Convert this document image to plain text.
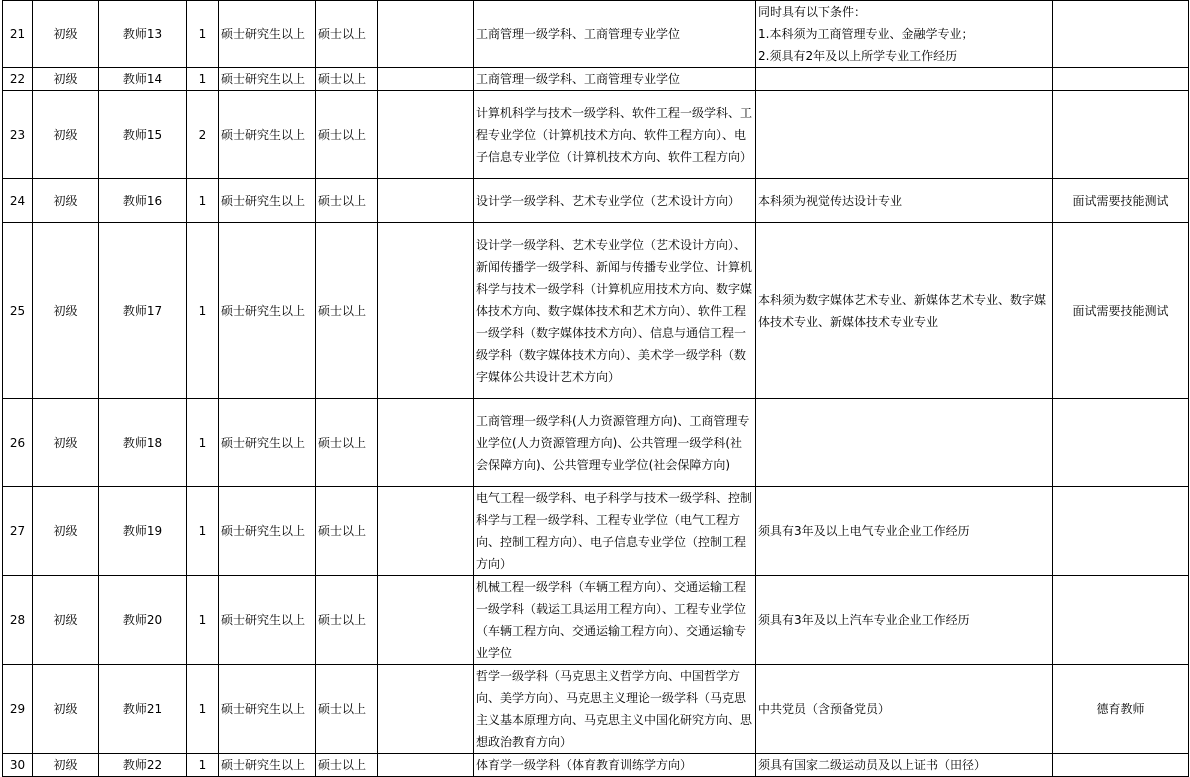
21	初级	教师13	1	硕士研究生以上	硕士以上		工商管理一级学科、工商管理专业学位	同时具有以下条件：
1.本科须为工商管理专业、金融学专业；
2.须具有2年及以上所学专业工作经历	
22	初级	教师14	1	硕士研究生以上	硕士以上		工商管理一级学科、工商管理专业学位		
23	初级	教师15	2	硕士研究生以上	硕士以上		计算机科学与技术一级学科、软件工程一级学科、工程专业学位（计算机技术方向、软件工程方向）、电子信息专业学位（计算机技术方向、软件工程方向）		
24	初级	教师16	1	硕士研究生以上	硕士以上		设计学一级学科、艺术专业学位（艺术设计方向）	本科须为视觉传达设计专业	面试需要技能测试
25	初级	教师17	1	硕士研究生以上	硕士以上		设计学一级学科、艺术专业学位（艺术设计方向）、新闻传播学一级学科、新闻与传播专业学位、计算机科学与技术一级学科（计算机应用技术方向、数字媒体技术方向、数字媒体技术和艺术方向）、软件工程一级学科（数字媒体技术方向）、信息与通信工程一级学科（数字媒体技术方向）、美术学一级学科（数字媒体公共设计艺术方向）	本科须为数字媒体艺术专业、新媒体艺术专业、数字媒体技术专业、新媒体技术专业专业	面试需要技能测试
26	初级	教师18	1	硕士研究生以上	硕士以上		工商管理一级学科(人力资源管理方向)、工商管理专业学位(人力资源管理方向)、公共管理一级学科(社会保障方向)、公共管理专业学位(社会保障方向)		
27	初级	教师19	1	硕士研究生以上	硕士以上		电气工程一级学科、电子科学与技术一级学科、控制科学与工程一级学科、工程专业学位（电气工程方向、控制工程方向）、电子信息专业学位（控制工程方向）	须具有3年及以上电气专业企业工作经历	
28	初级	教师20	1	硕士研究生以上	硕士以上		机械工程一级学科（车辆工程方向）、交通运输工程一级学科（载运工具运用工程方向）、工程专业学位（车辆工程方向、交通运输工程方向）、交通运输专业学位	须具有3年及以上汽车专业企业工作经历	
29	初级	教师21	1	硕士研究生以上	硕士以上		哲学一级学科（马克思主义哲学方向、中国哲学方向、美学方向）、马克思主义理论一级学科（马克思主义基本原理方向、马克思主义中国化研究方向、思想政治教育方向）	中共党员（含预备党员）	德育教师
30	初级	教师22	1	硕士研究生以上	硕士以上		体育学一级学科（体育教育训练学方向）	须具有国家二级运动员及以上证书（田径）	
